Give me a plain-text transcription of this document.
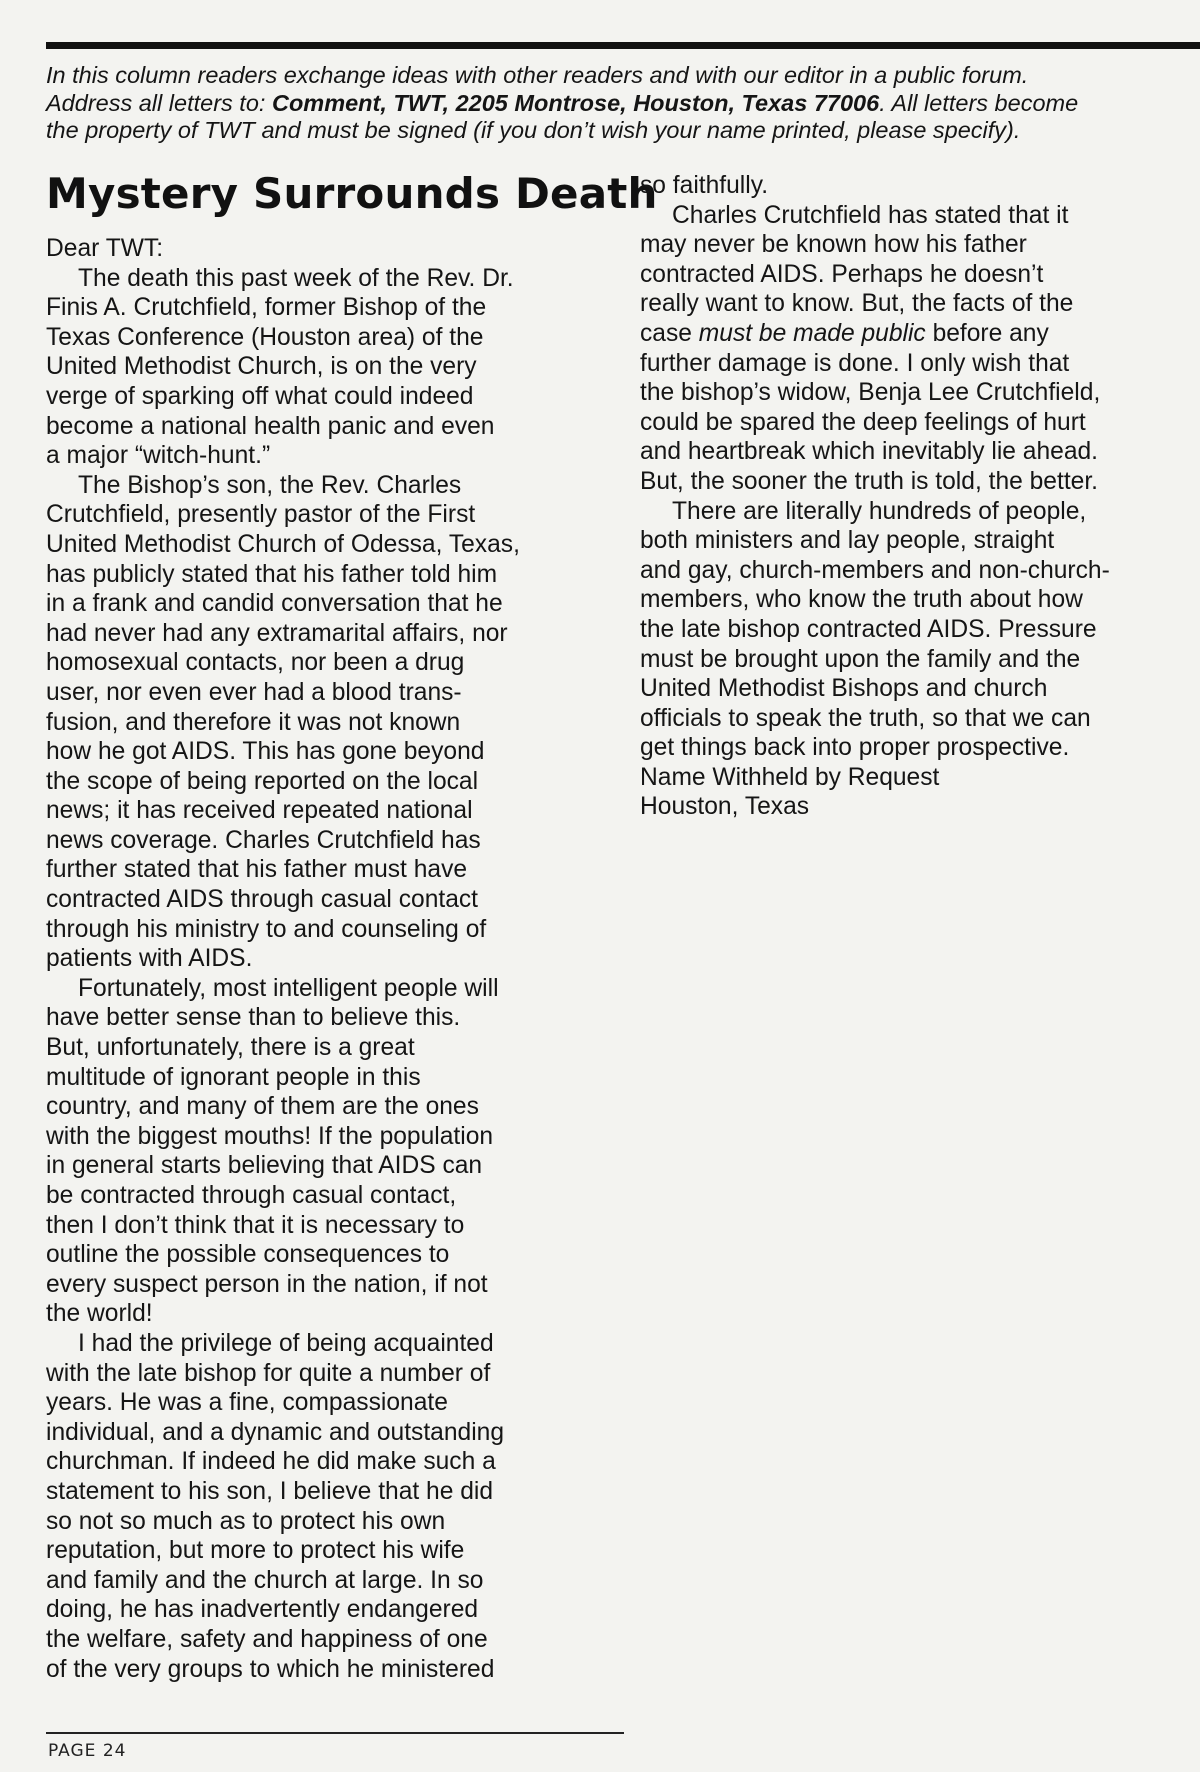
In this column readers exchange ideas with other readers and with our editor in a public forum.
Address all letters to: Comment, TWT, 2205 Montrose, Houston, Texas 77006. All letters become
the property of TWT and must be signed (if you don’t wish your name printed, please specify).
Mystery Surrounds Death
Dear TWT:
The death this past week of the Rev. Dr.
Finis A. Crutchfield, former Bishop of the
Texas Conference (Houston area) of the
United Methodist Church, is on the very
verge of sparking off what could indeed
become a national health panic and even
a major “witch-hunt.”
The Bishop’s son, the Rev. Charles
Crutchfield, presently pastor of the First
United Methodist Church of Odessa, Texas,
has publicly stated that his father told him
in a frank and candid conversation that he
had never had any extramarital affairs, nor
homosexual contacts, nor been a drug
user, nor even ever had a blood trans-
fusion, and therefore it was not known
how he got AIDS. This has gone beyond
the scope of being reported on the local
news; it has received repeated national
news coverage. Charles Crutchfield has
further stated that his father must have
contracted AIDS through casual contact
through his ministry to and counseling of
patients with AIDS.
Fortunately, most intelligent people will
have better sense than to believe this.
But, unfortunately, there is a great
multitude of ignorant people in this
country, and many of them are the ones
with the biggest mouths! If the population
in general starts believing that AIDS can
be contracted through casual contact,
then I don’t think that it is necessary to
outline the possible consequences to
every suspect person in the nation, if not
the world!
I had the privilege of being acquainted
with the late bishop for quite a number of
years. He was a fine, compassionate
individual, and a dynamic and outstanding
churchman. If indeed he did make such a
statement to his son, I believe that he did
so not so much as to protect his own
reputation, but more to protect his wife
and family and the church at large. In so
doing, he has inadvertently endangered
the welfare, safety and happiness of one
of the very groups to which he ministered
so faithfully.
Charles Crutchfield has stated that it
may never be known how his father
contracted AIDS. Perhaps he doesn’t
really want to know. But, the facts of the
case must be made public before any
further damage is done. I only wish that
the bishop’s widow, Benja Lee Crutchfield,
could be spared the deep feelings of hurt
and heartbreak which inevitably lie ahead.
But, the sooner the truth is told, the better.
There are literally hundreds of people,
both ministers and lay people, straight
and gay, church-members and non-church-
members, who know the truth about how
the late bishop contracted AIDS. Pressure
must be brought upon the family and the
United Methodist Bishops and church
officials to speak the truth, so that we can
get things back into proper prospective.
Name Withheld by Request
Houston, Texas
PAGE 24
